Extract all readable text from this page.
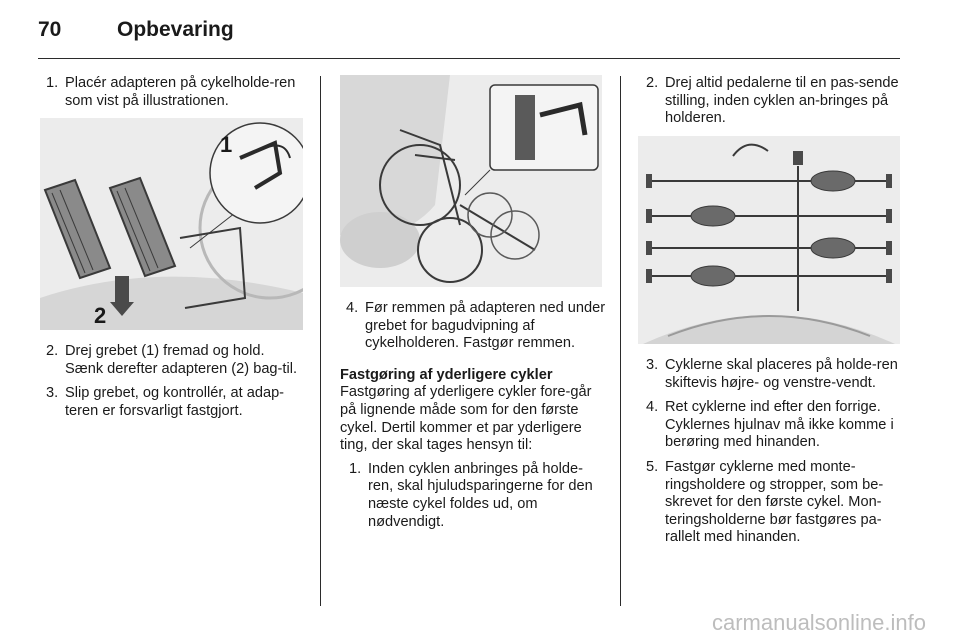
70	Opbevaring
1. Placér adapteren på cykelholde-ren som vist på illustrationen.
1
2
2. Drej grebet (1) fremad og hold. Sænk derefter adapteren (2) bag-til.
3. Slip grebet, og kontrollér, at adap-teren er forsvarligt fastgjort.
4. Før remmen på adapteren ned under grebet for bagudvipning af cykelholderen. Fastgør remmen.

Fastgøring af yderligere cykler

Fastgøring af yderligere cykler fore-går på lignende måde som for den første cykel. Dertil kommer et par yderligere ting, der skal tages hensyn til:

1. Inden cyklen anbringes på holde-ren, skal hjuludsparingerne for den næste cykel foldes ud, om nødvendigt.
2. Drej altid pedalerne til en pas-sende stilling, inden cyklen an-bringes på holderen.
3. Cyklerne skal placeres på holde-ren skiftevis højre- og venstre-vendt.
4. Ret cyklerne ind efter den forrige. Cyklernes hjulnav må ikke komme i berøring med hinanden.
5. Fastgør cyklerne med monte-ringsholdere og stropper, som be-skrevet for den første cykel. Mon-teringsholderne bør fastgøres pa-rallelt med hinanden.
carmanualsonline.info
